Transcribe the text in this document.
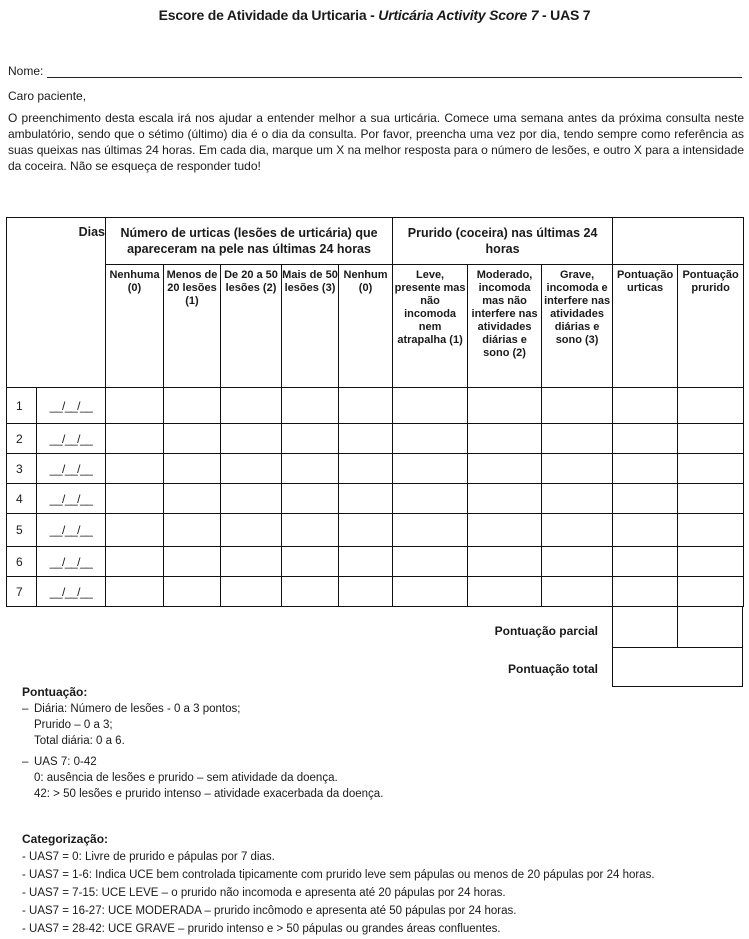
Escore de Atividade da Urticaria - Urticária Activity Score 7 - UAS 7
Nome:
Caro paciente,
O preenchimento desta escala irá nos ajudar a entender melhor a sua urticária. Comece uma semana antes da próxima consulta neste ambulatório, sendo que o sétimo (último) dia é o dia da consulta. Por favor, preencha uma vez por dia, tendo sempre como referência as suas queixas nas últimas 24 horas. Em cada dia, marque um X na melhor resposta para o número de lesões, e outro X para a intensidade da coceira. Não se esqueça de responder tudo!
Dias		Número de urticas (lesões de urticária) que apareceram na pele nas últimas 24 horas					Prurido (coceira) nas últimas 24 horas				
		Nenhuma (0)	Menos de 20 lesões (1)	De 20 a 50 lesões (2)	Mais de 50 lesões (3)	Nenhum (0)	Leve, presente mas não incomoda nem atrapalha (1)	Moderado, incomoda mas não interfere nas atividades diárias e sono (2)	Grave, incomoda e interfere nas atividades diárias e sono (3)	Pontuação urticas	Pontuação prurido
1	__/__/__										
2	__/__/__										
3	__/__/__										
4	__/__/__										
5	__/__/__										
6	__/__/__										
7	__/__/__										
Pontuação parcial
Pontuação total
Pontuação:
– Diária: Número de lesões - 0 a 3 pontos;
Prurido – 0 a 3;
Total diária: 0 a 6.
– UAS 7: 0-42
0: ausência de lesões e prurido – sem atividade da doença.
42: > 50 lesões e prurido intenso – atividade exacerbada da doença.
Categorização:
- UAS7 = 0: Livre de prurido e pápulas por 7 dias.
- UAS7 = 1-6: Indica UCE bem controlada tipicamente com prurido leve sem pápulas ou menos de 20 pápulas por 24 horas.
- UAS7 = 7-15: UCE LEVE – o prurido não incomoda e apresenta até 20 pápulas por 24 horas.
- UAS7 = 16-27: UCE MODERADA – prurido incômodo e apresenta até 50 pápulas por 24 horas.
- UAS7 = 28-42: UCE GRAVE – prurido intenso e > 50 pápulas ou grandes áreas confluentes.
